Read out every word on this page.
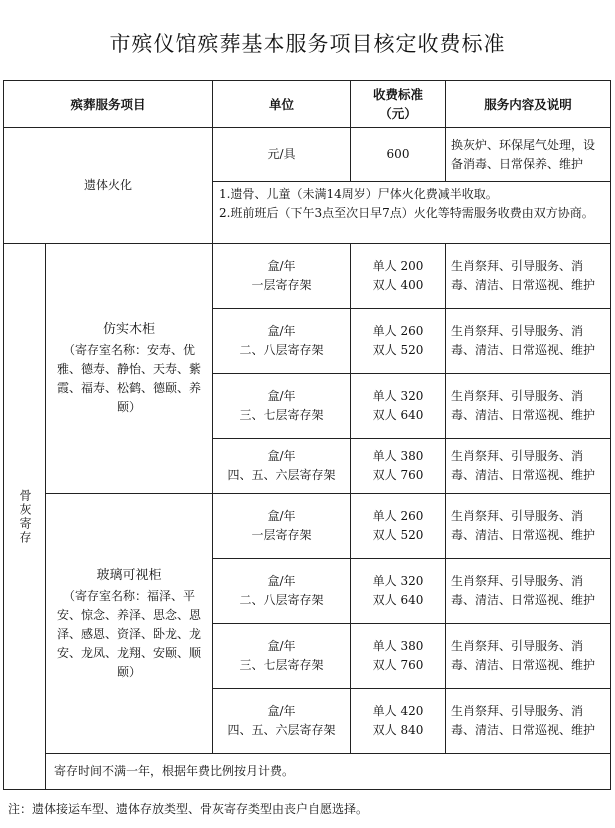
市殡仪馆殡葬基本服务项目核定收费标准
殡葬服务项目	单位
收费标准
（元）
服务内容及说明
遗体火化
元/具	600
换灰炉、环保尾气处理，设备消毒、日常保养、维护
1.遗骨、儿童（未满14周岁）尸体火化费减半收取。
2.班前班后（下午3点至次日早7点）火化等特需服务收费由双方协商。
骨灰寄存
仿实木柜
（寄存室名称：安寿、优雅、德寿、静怡、天寿、紫霞、福寿、松鹤、德颐、养颐）
玻璃可视柜
（寄存室名称：福泽、平安、惊念、养泽、思念、恩泽、感恩、资泽、卧龙、龙安、龙凤、龙翔、安颐、顺颐）
盒/年
一层寄存架
单人 200
双人 400
生肖祭拜、引导服务、消毒、清洁、日常巡视、维护
盒/年
二、八层寄存架
单人 260
双人 520
生肖祭拜、引导服务、消毒、清洁、日常巡视、维护
盒/年
三、七层寄存架
单人 320
双人 640
生肖祭拜、引导服务、消毒、清洁、日常巡视、维护
盒/年
四、五、六层寄存架
单人 380
双人 760
生肖祭拜、引导服务、消毒、清洁、日常巡视、维护
盒/年
一层寄存架
单人 260
双人 520
生肖祭拜、引导服务、消毒、清洁、日常巡视、维护
盒/年
二、八层寄存架
单人 320
双人 640
生肖祭拜、引导服务、消毒、清洁、日常巡视、维护
盒/年
三、七层寄存架
单人 380
双人 760
生肖祭拜、引导服务、消毒、清洁、日常巡视、维护
盒/年
四、五、六层寄存架
单人 420
双人 840
生肖祭拜、引导服务、消毒、清洁、日常巡视、维护
寄存时间不满一年，根据年费比例按月计费。
注：遗体接运车型、遗体存放类型、骨灰寄存类型由丧户自愿选择。
